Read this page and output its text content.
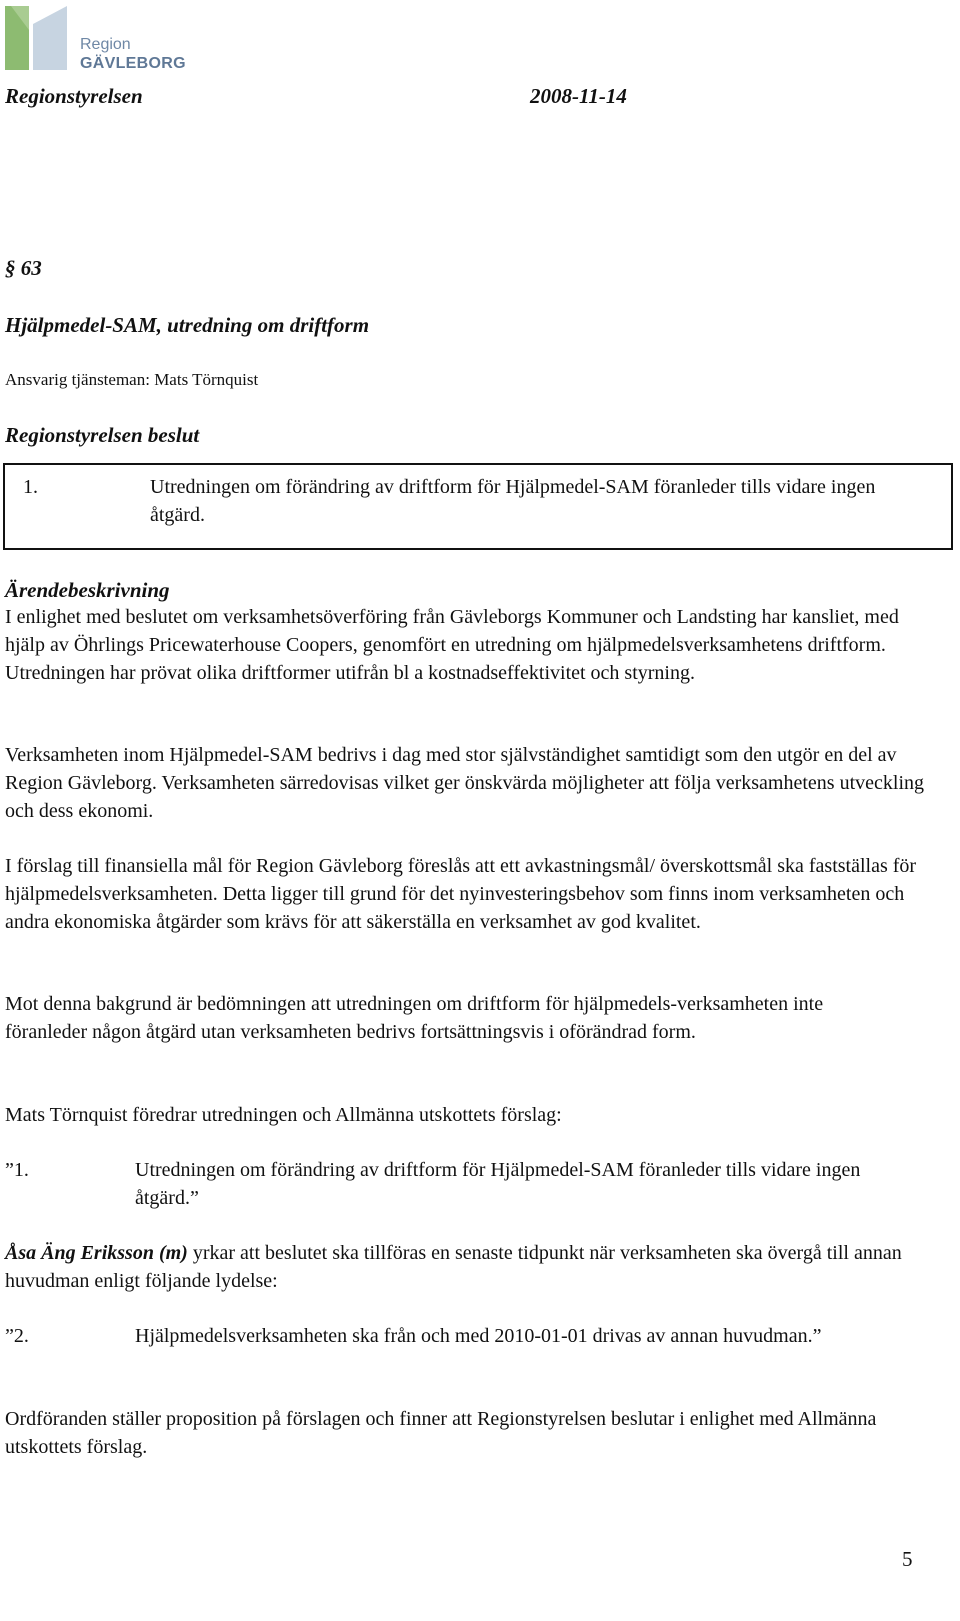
Region
GÄVLEBORG
Regionstyrelsen	2008-11-14
§ 63
Hjälpmedel-SAM, utredning om driftform
Ansvarig tjänsteman: Mats Törnquist
Regionstyrelsen beslut
1.	Utredningen om förändring av driftform för Hjälpmedel-SAM föranleder tills vidare ingen åtgärd.
Ärendebeskrivning
I enlighet med beslutet om verksamhetsöverföring från Gävleborgs Kommuner och Landsting har kansliet, med hjälp av Öhrlings Pricewaterhouse Coopers, genomfört en utredning om hjälpmedelsverksamhetens driftform. Utredningen har prövat olika driftformer utifrån bl a kostnadseffektivitet och styrning.
Verksamheten inom Hjälpmedel-SAM bedrivs i dag med stor självständighet samtidigt som den utgör en del av Region Gävleborg. Verksamheten särredovisas vilket ger önskvärda möjligheter att följa verksamhetens utveckling och dess ekonomi.
I förslag till finansiella mål för Region Gävleborg föreslås att ett avkastningsmål/ överskottsmål ska fastställas för hjälpmedelsverksamheten. Detta ligger till grund för det nyinvesteringsbehov som finns inom verksamheten och andra ekonomiska åtgärder som krävs för att säkerställa en verksamhet av god kvalitet.
Mot denna bakgrund är bedömningen att utredningen om driftform för hjälpmedels-verksamheten inte föranleder någon åtgärd utan verksamheten bedrivs fortsättningsvis i oförändrad form.
Mats Törnquist föredrar utredningen och Allmänna utskottets förslag:
”1.	Utredningen om förändring av driftform för Hjälpmedel-SAM föranleder tills vidare ingen åtgärd.”
Åsa Äng Eriksson (m) yrkar att beslutet ska tillföras en senaste tidpunkt när verksamheten ska övergå till annan huvudman enligt följande lydelse:
”2.	Hjälpmedelsverksamheten ska från och med 2010-01-01 drivas av annan huvudman.”
Ordföranden ställer proposition på förslagen och finner att Regionstyrelsen beslutar i enlighet med Allmänna utskottets förslag.
5
